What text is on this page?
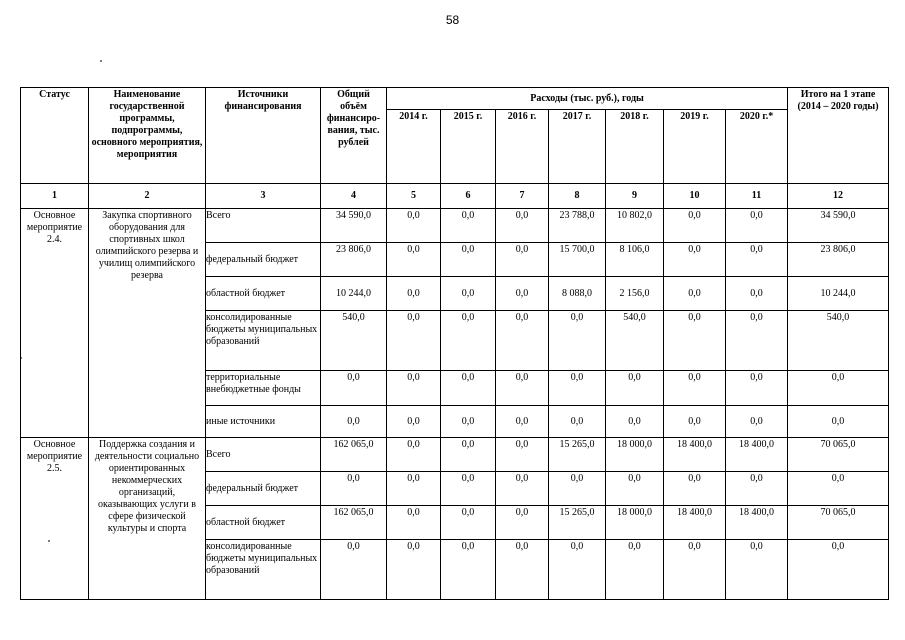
58
Статус	Наименование государственной программы, подпрограммы, основного мероприятия, мероприятия	Источники финансирования	Общий объём финансиро-вания, тыс. рублей	Расходы (тыс. руб.), годы							Итого на 1 этапе (2014 – 2020 годы)
				2014 г.	2015 г.	2016 г.	2017 г.	2018 г.	2019 г.	2020 г.*	
1	2	3	4	5	6	7	8	9	10	11	12
Основное мероприятие 2.4.	Закупка спортивного оборудования для спортивных школ олимпийского резерва и училищ олимпийского резерва	Всего	34 590,0	0,0	0,0	0,0	23 788,0	10 802,0	0,0	0,0	34 590,0
		федеральный бюджет	23 806,0	0,0	0,0	0,0	15 700,0	8 106,0	0,0	0,0	23 806,0
		областной бюджет	10 244,0	0,0	0,0	0,0	8 088,0	2 156,0	0,0	0,0	10 244,0
		консолидированные бюджеты муниципальных образований	540,0	0,0	0,0	0,0	0,0	540,0	0,0	0,0	540,0
		территориальные внебюджетные фонды	0,0	0,0	0,0	0,0	0,0	0,0	0,0	0,0	0,0
		иные источники	0,0	0,0	0,0	0,0	0,0	0,0	0,0	0,0	0,0
Основное мероприятие 2.5.	Поддержка создания и деятельности социально ориентированных некоммерческих организаций, оказывающих услуги в сфере физической культуры и спорта	Всего	162 065,0	0,0	0,0	0,0	15 265,0	18 000,0	18 400,0	18 400,0	70 065,0
		федеральный бюджет	0,0	0,0	0,0	0,0	0,0	0,0	0,0	0,0	0,0
		областной бюджет	162 065,0	0,0	0,0	0,0	15 265,0	18 000,0	18 400,0	18 400,0	70 065,0
		консолидированные бюджеты муниципальных образований	0,0	0,0	0,0	0,0	0,0	0,0	0,0	0,0	0,0
